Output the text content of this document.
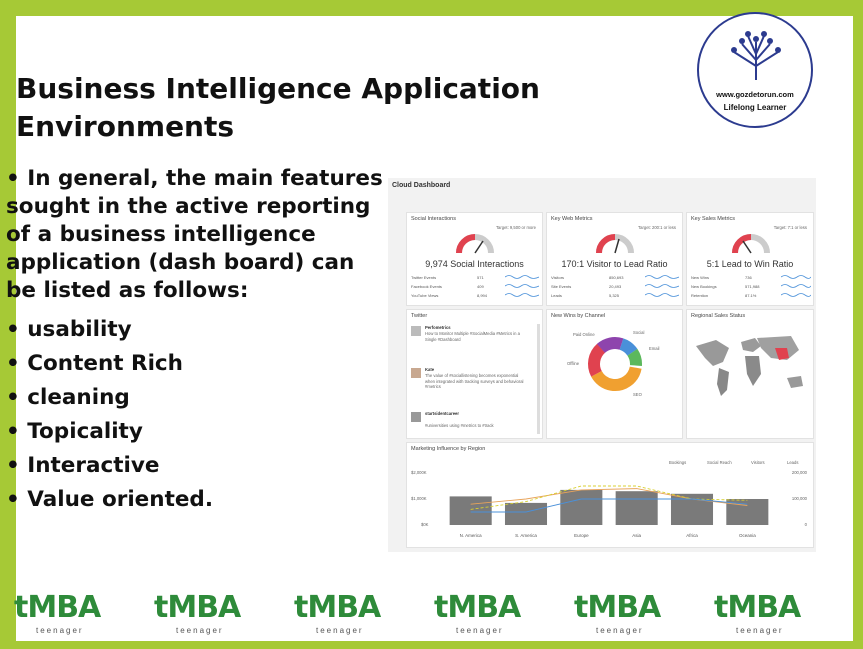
Business Intelligence Application Environments

• In general, the main features sought in the active reporting of a business intelligence application (dash board) can be listed as follows:

• usability

• Content Rich

• cleaning

• Topicality

• Interactive

• Value oriented.

www.gozdetorun.com
Lifelong Learner
Cloud Dashboard
Social Interactions
Target: 9,500 or more
9,974 Social Interactions
Twitter Events	571
Facebook Events	409
YouTube Views	8,994
Key Web Metrics
Target: 200:1 or less
170:1 Visitor to Lead Ratio
Visitors	850,693
Site Events	20,493
Leads	5,325
Key Sales Metrics
Target: 7:1 or less
5:1 Lead to Win Ratio
New Wins	736
New Bookings	571,988
Retention	87.1%
Twitter
Perfometrics
How to Monitor Multiple #SocialMedia #Metrics in a Single #Dashboard
Kate
The value of #sociallistening becomes exponential when integrated with tracking surveys and behavioral #metrics
startsidentcareer
#universities using #metrics to #track
New Wins by Channel
Paid Online	Social
Email
Offline
SEO
Regional Sales Status
Marketing Influence by Region
$2,000K
$1,000K
$0K
200,000
100,000
0
Bookings	Social Reach	Visitors	Leads
N. America	S. America	Europe	Asia	Africa	Oceania
tMBA
teenager
tMBA
teenager
tMBA
teenager
tMBA
teenager
tMBA
teenager
tMBA
teenager
